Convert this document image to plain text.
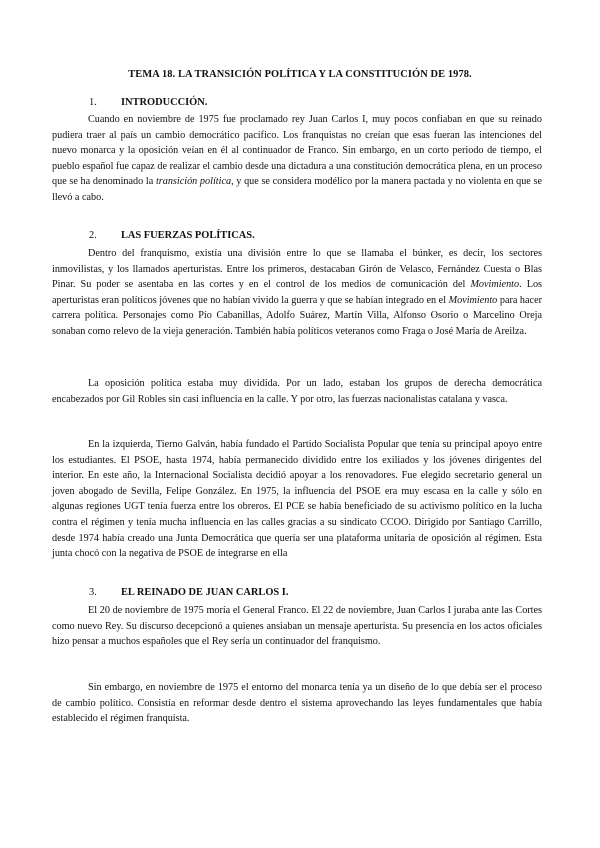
TEMA 18. LA TRANSICIÓN POLÍTICA Y LA CONSTITUCIÓN DE 1978.
1. INTRODUCCIÓN.

Cuando en noviembre de 1975 fue proclamado rey Juan Carlos I, muy pocos confiaban en que su reinado pudiera traer al país un cambio democrático pacífico. Los franquistas no creían que esas fueran las intenciones del nuevo monarca y la oposición veían en él al continuador de Franco. Sin embargo, en un corto periodo de tiempo, el pueblo español fue capaz de realizar el cambio desde una dictadura a una constitución democrática plena, en un proceso que se ha denominado la transición política, y que se considera modélico por la manera pactada y no violenta en que se llevó a cabo.

2. LAS FUERZAS POLÍTICAS.

Dentro del franquismo, existía una división entre lo que se llamaba el búnker, es decir, los sectores inmovilistas, y los llamados aperturistas. Entre los primeros, destacaban Girón de Velasco, Fernández Cuesta o Blas Pinar. Su poder se asentaba en las cortes y en el control de los medios de comunicación del Movimiento. Los aperturistas eran políticos jóvenes que no habían vivido la guerra y que se habían integrado en el Movimiento para hacer carrera política. Personajes como Pío Cabanillas, Adolfo Suárez, Martín Villa, Alfonso Osorio o Marcelino Oreja sonaban como relevo de la vieja generación. También había políticos veteranos como Fraga o José María de Areilza.

La oposición política estaba muy dividida. Por un lado, estaban los grupos de derecha democrática encabezados por Gil Robles sin casi influencia en la calle. Y por otro, las fuerzas nacionalistas catalana y vasca.

En la izquierda, Tierno Galván, había fundado el Partido Socialista Popular que tenía su principal apoyo entre los estudiantes. El PSOE, hasta 1974, había permanecido dividido entre los exiliados y los jóvenes dirigentes del interior. En este año, la Internacional Socialista decidió apoyar a los renovadores. Fue elegido secretario general un joven abogado de Sevilla, Felipe González. En 1975, la influencia del PSOE era muy escasa en la calle y sólo en algunas regiones UGT tenía fuerza entre los obreros. El PCE se había beneficiado de su activismo político en la lucha contra el régimen y tenía mucha influencia en las calles gracias a su sindicato CCOO. Dirigido por Santiago Carrillo, desde 1974 había creado una Junta Democrática que quería ser una plataforma unitaria de oposición al régimen. Esta junta chocó con la negativa de PSOE de integrarse en ella

3. EL REINADO DE JUAN CARLOS I.

El 20 de noviembre de 1975 moría el General Franco. El 22 de noviembre, Juan Carlos I juraba ante las Cortes como nuevo Rey. Su discurso decepcionó a quienes ansiaban un mensaje aperturista. Su presencia en los actos oficiales hizo pensar a muchos españoles que el Rey sería un continuador del franquismo.

Sin embargo, en noviembre de 1975 el entorno del monarca tenía ya un diseño de lo que debía ser el proceso de cambio político. Consistía en reformar desde dentro el sistema aprovechando las leyes fundamentales que había establecido el régimen franquista.
